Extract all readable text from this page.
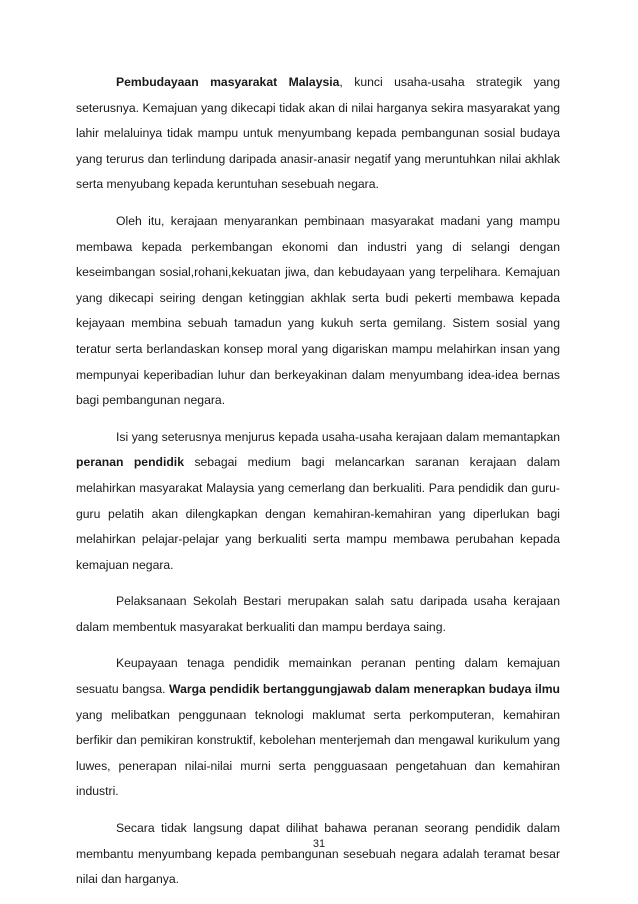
Pembudayaan masyarakat Malaysia, kunci usaha-usaha strategik yang seterusnya. Kemajuan yang dikecapi tidak akan di nilai harganya sekira masyarakat yang lahir melaluinya tidak mampu untuk menyumbang kepada pembangunan sosial budaya yang terurus dan terlindung daripada anasir-anasir negatif yang meruntuhkan nilai akhlak serta menyubang kepada keruntuhan sesebuah negara.

Oleh itu, kerajaan menyarankan pembinaan masyarakat madani yang mampu membawa kepada perkembangan ekonomi dan industri yang di selangi dengan keseimbangan sosial,rohani,kekuatan jiwa, dan kebudayaan yang terpelihara. Kemajuan yang dikecapi seiring dengan ketinggian akhlak serta budi pekerti membawa kepada kejayaan membina sebuah tamadun yang kukuh serta gemilang. Sistem sosial yang teratur serta berlandaskan konsep moral yang digariskan mampu melahirkan insan yang mempunyai keperibadian luhur dan berkeyakinan dalam menyumbang idea-idea bernas bagi pembangunan negara.

Isi yang seterusnya menjurus kepada usaha-usaha kerajaan dalam memantapkan peranan pendidik sebagai medium bagi melancarkan saranan kerajaan dalam melahirkan masyarakat Malaysia yang cemerlang dan berkualiti. Para pendidik dan guru-guru pelatih akan dilengkapkan dengan kemahiran-kemahiran yang diperlukan bagi melahirkan pelajar-pelajar yang berkualiti serta mampu membawa perubahan kepada kemajuan negara.

Pelaksanaan Sekolah Bestari merupakan salah satu daripada usaha kerajaan dalam membentuk masyarakat berkualiti dan mampu berdaya saing.

Keupayaan tenaga pendidik memainkan peranan penting dalam kemajuan sesuatu bangsa. Warga pendidik bertanggungjawab dalam menerapkan budaya ilmu yang melibatkan penggunaan teknologi maklumat serta perkomputeran, kemahiran berfikir dan pemikiran konstruktif, kebolehan menterjemah dan mengawal kurikulum yang luwes, penerapan nilai-nilai murni serta pengguasaan pengetahuan dan kemahiran industri.

Secara tidak langsung dapat dilihat bahawa peranan seorang pendidik dalam membantu menyumbang kepada pembangunan sesebuah negara adalah teramat besar nilai dan harganya.

31
